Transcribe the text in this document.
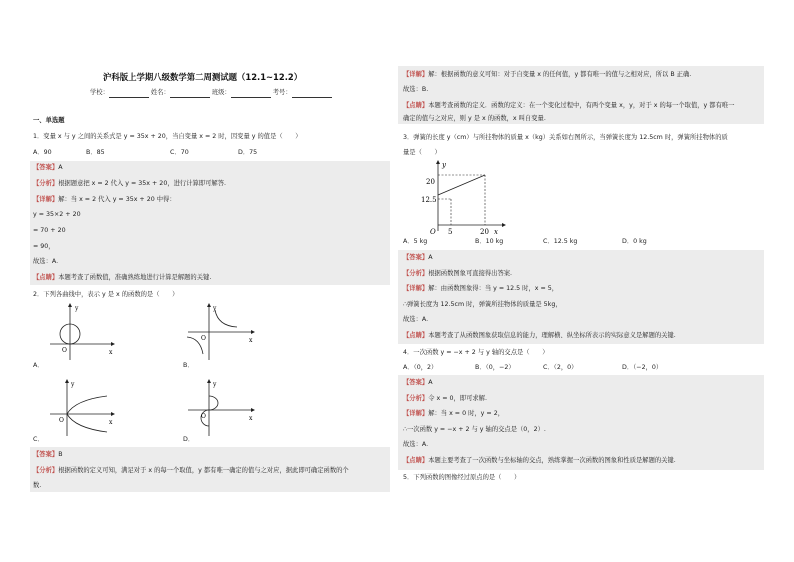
沪科版上学期八级数学第二周测试题（12.1~12.2）
学校：	姓名：	班级：	考号：
一、单选题
1．变量 x 与 y 之间的关系式是 y = 35x + 20，当自变量 x = 2 时，因变量 y 的值是（　　）
A．90	B．85	C．70	D．75
【答案】A
【分析】根据题意把 x = 2 代入 y = 35x + 20，进行计算即可解答.
【详解】解：当 x = 2 代入 y = 35x + 20 中得：
y = 35×2 + 20
= 70 + 20
= 90，
故选：A.
【点睛】本题考查了函数值，准确熟练地进行计算是解题的关键.
2．下列各曲线中，表示 y 是 x 的函数的是（　　）
y
x
O
A．
y
x
O
y
x
O
C．
y
x
O
B．
D．
【答案】B
【分析】根据函数的定义可知，满足对于 x 的每一个取值，y 都有唯一确定的值与之对应，据此即可确定函数的个
数.
【详解】解：根据函数的意义可知：对于自变量 x 的任何值，y 都有唯一的值与之相对应，所以 B 正确.
故选：B.
【点睛】本题考查函数的定义．函数的定义：在一个变化过程中，有两个变量 x，y，对于 x 的每一个取值，y 都有唯一
确定的值与之对应，则 y 是 x 的函数，x 叫自变量.
3．弹簧的长度 y（cm）与所挂物体的质量 x（kg）关系如右图所示，当弹簧长度为 12.5cm 时，弹簧所挂物体的质
量是（　　）
y
x
O
20
12.5
5	20
A．5 kg	B．10 kg	C．12.5 kg	D．0 kg
【答案】A
【分析】根据函数图象可直接得出答案.
【详解】解：由函数图象得：当 y = 12.5 时，x = 5，
∴弹簧长度为 12.5cm 时，弹簧所挂物体的质量是 5kg，
故选：A.
【点睛】本题考查了从函数图象获取信息的能力，理解横、纵坐标所表示的实际意义是解题的关键.
4．一次函数 y = −x + 2 与 y 轴的交点是（　　）
A．（0，2）	B．（0，−2）	C．（2，0）	D．（−2，0）
【答案】A
【分析】令 x = 0，即可求解.
【详解】解：当 x = 0 时，y = 2，
∴一次函数 y = −x + 2 与 y 轴的交点是（0，2）.
故选：A.
【点睛】本题主要考查了一次函数与坐标轴的交点，熟练掌握一次函数的图象和性质是解题的关键.
5．下列函数的图像经过原点的是（　　）
